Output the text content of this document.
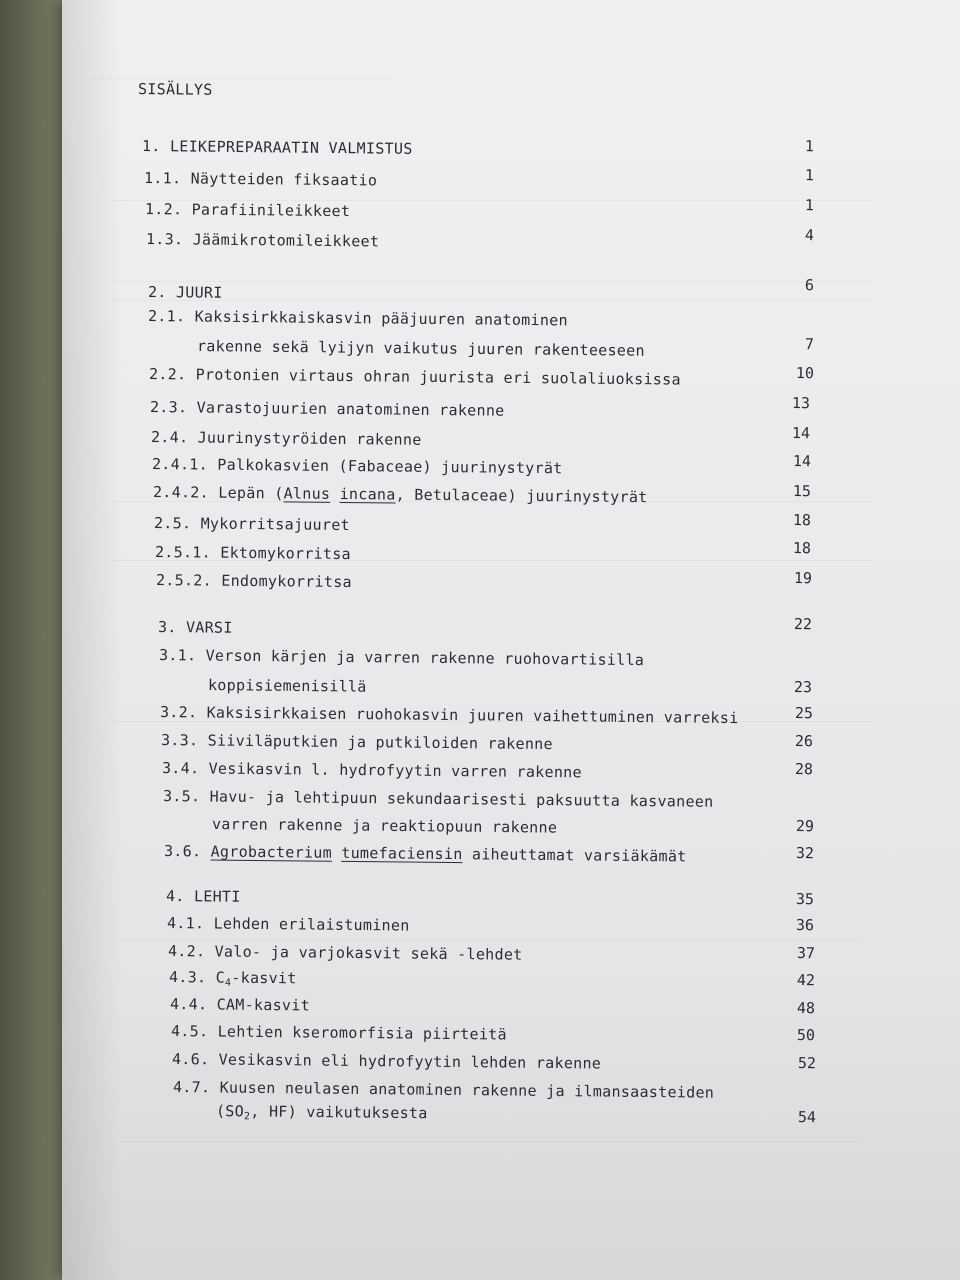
SISÄLLYS
1. LEIKEPREPARAATIN VALMISTUS	1
1.1. Näytteiden fiksaatio	1
1.2. Parafiinileikkeet	1
1.3. Jäämikrotomileikkeet	4
2. JUURI	6
2.1. Kaksisirkkaiskasvin pääjuuren anatominen
rakenne sekä lyijyn vaikutus juuren rakenteeseen	7
2.2. Protonien virtaus ohran juurista eri suolaliuoksissa	10
2.3. Varastojuurien anatominen rakenne	13
2.4. Juurinystyröiden rakenne	14
2.4.1. Palkokasvien (Fabaceae) juurinystyrät	14
2.4.2. Lepän (Alnus incana, Betulaceae) juurinystyrät	15
2.5. Mykorritsajuuret	18
2.5.1. Ektomykorritsa	18
2.5.2. Endomykorritsa	19
3. VARSI	22
3.1. Verson kärjen ja varren rakenne ruohovartisilla
koppisiemenisillä	23
3.2. Kaksisirkkaisen ruohokasvin juuren vaihettuminen varreksi	25
3.3. Siiviläputkien ja putkiloiden rakenne	26
3.4. Vesikasvin l. hydrofyytin varren rakenne	28
3.5. Havu- ja lehtipuun sekundaarisesti paksuutta kasvaneen
varren rakenne ja reaktiopuun rakenne	29
3.6. Agrobacterium tumefaciensin aiheuttamat varsiäkämät	32
4. LEHTI	35
4.1. Lehden erilaistuminen	36
4.2. Valo- ja varjokasvit sekä -lehdet	37
4.3. $C_4$-kasvit	42
4.4. CAM-kasvit	48
4.5. Lehtien kseromorfisia piirteitä	50
4.6. Vesikasvin eli hydrofyytin lehden rakenne	52
4.7. Kuusen neulasen anatominen rakenne ja ilmansaasteiden
($SO_2$, HF) vaikutuksesta	54
